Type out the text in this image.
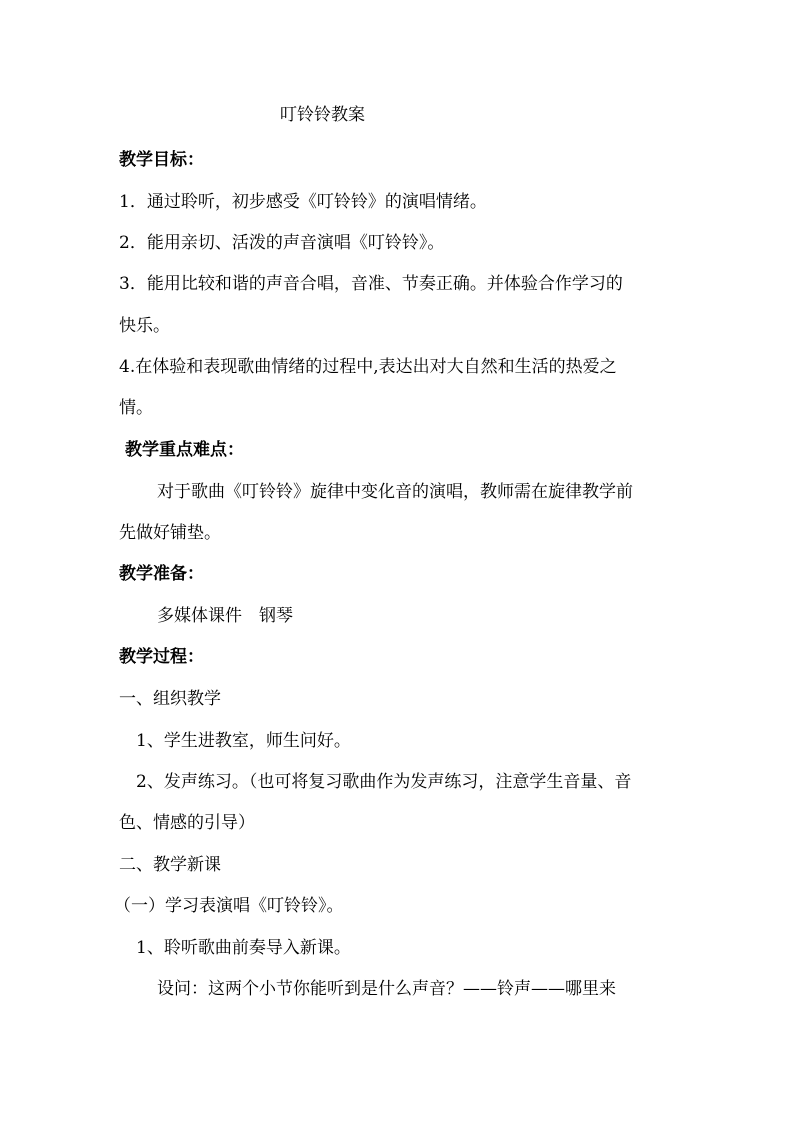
叮铃铃教案
教学目标：
1．通过聆听，初步感受《叮铃铃》的演唱情绪。
2．能用亲切、活泼的声音演唱《叮铃铃》。
3．能用比较和谐的声音合唱，音准、节奏正确。并体验合作学习的
快乐。
4.在体验和表现歌曲情绪的过程中,表达出对大自然和生活的热爱之
情。
教学重点难点：
对于歌曲《叮铃铃》旋律中变化音的演唱，教师需在旋律教学前
先做好铺垫。
教学准备：
多媒体课件　钢琴
教学过程：
一、组织教学
1、学生进教室，师生问好。
2、发声练习。（也可将复习歌曲作为发声练习，注意学生音量、音
色、情感的引导）
二、教学新课
（一）学习表演唱《叮铃铃》。
1、聆听歌曲前奏导入新课。
设问：这两个小节你能听到是什么声音？——铃声——哪里来
